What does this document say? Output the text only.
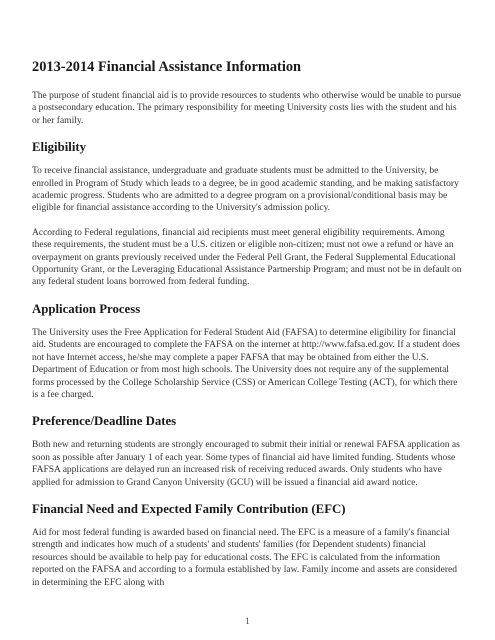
2013-2014 Financial Assistance Information

The purpose of student financial aid is to provide resources to students who otherwise would be unable to pursue a postsecondary education. The primary responsibility for meeting University costs lies with the student and his or her family.

Eligibility

To receive financial assistance, undergraduate and graduate students must be admitted to the University, be enrolled in Program of Study which leads to a degree, be in good academic standing, and be making satisfactory academic progress. Students who are admitted to a degree program on a provisional/conditional basis may be eligible for financial assistance according to the University's admission policy.

According to Federal regulations, financial aid recipients must meet general eligibility requirements. Among these requirements, the student must be a U.S. citizen or eligible non-citizen; must not owe a refund or have an overpayment on grants previously received under the Federal Pell Grant, the Federal Supplemental Educational Opportunity Grant, or the Leveraging Educational Assistance Partnership Program; and must not be in default on any federal student loans borrowed from federal funding.

Application Process

The University uses the Free Application for Federal Student Aid (FAFSA) to determine eligibility for financial aid. Students are encouraged to complete the FAFSA on the internet at http://www.fafsa.ed.gov. If a student does not have Internet access, he/she may complete a paper FAFSA that may be obtained from either the U.S. Department of Education or from most high schools. The University does not require any of the supplemental forms processed by the College Scholarship Service (CSS) or American College Testing (ACT), for which there is a fee charged.

Preference/Deadline Dates

Both new and returning students are strongly encouraged to submit their initial or renewal FAFSA application as soon as possible after January 1 of each year. Some types of financial aid have limited funding. Students whose FAFSA applications are delayed run an increased risk of receiving reduced awards. Only students who have applied for admission to Grand Canyon University (GCU) will be issued a financial aid award notice.

Financial Need and Expected Family Contribution (EFC)

Aid for most federal funding is awarded based on financial need. The EFC is a measure of a family's financial strength and indicates how much of a students' and students' families (for Dependent students) financial resources should be available to help pay for educational costs. The EFC is calculated from the information reported on the FAFSA and according to a formula established by law. Family income and assets are considered in determining the EFC along with

1
